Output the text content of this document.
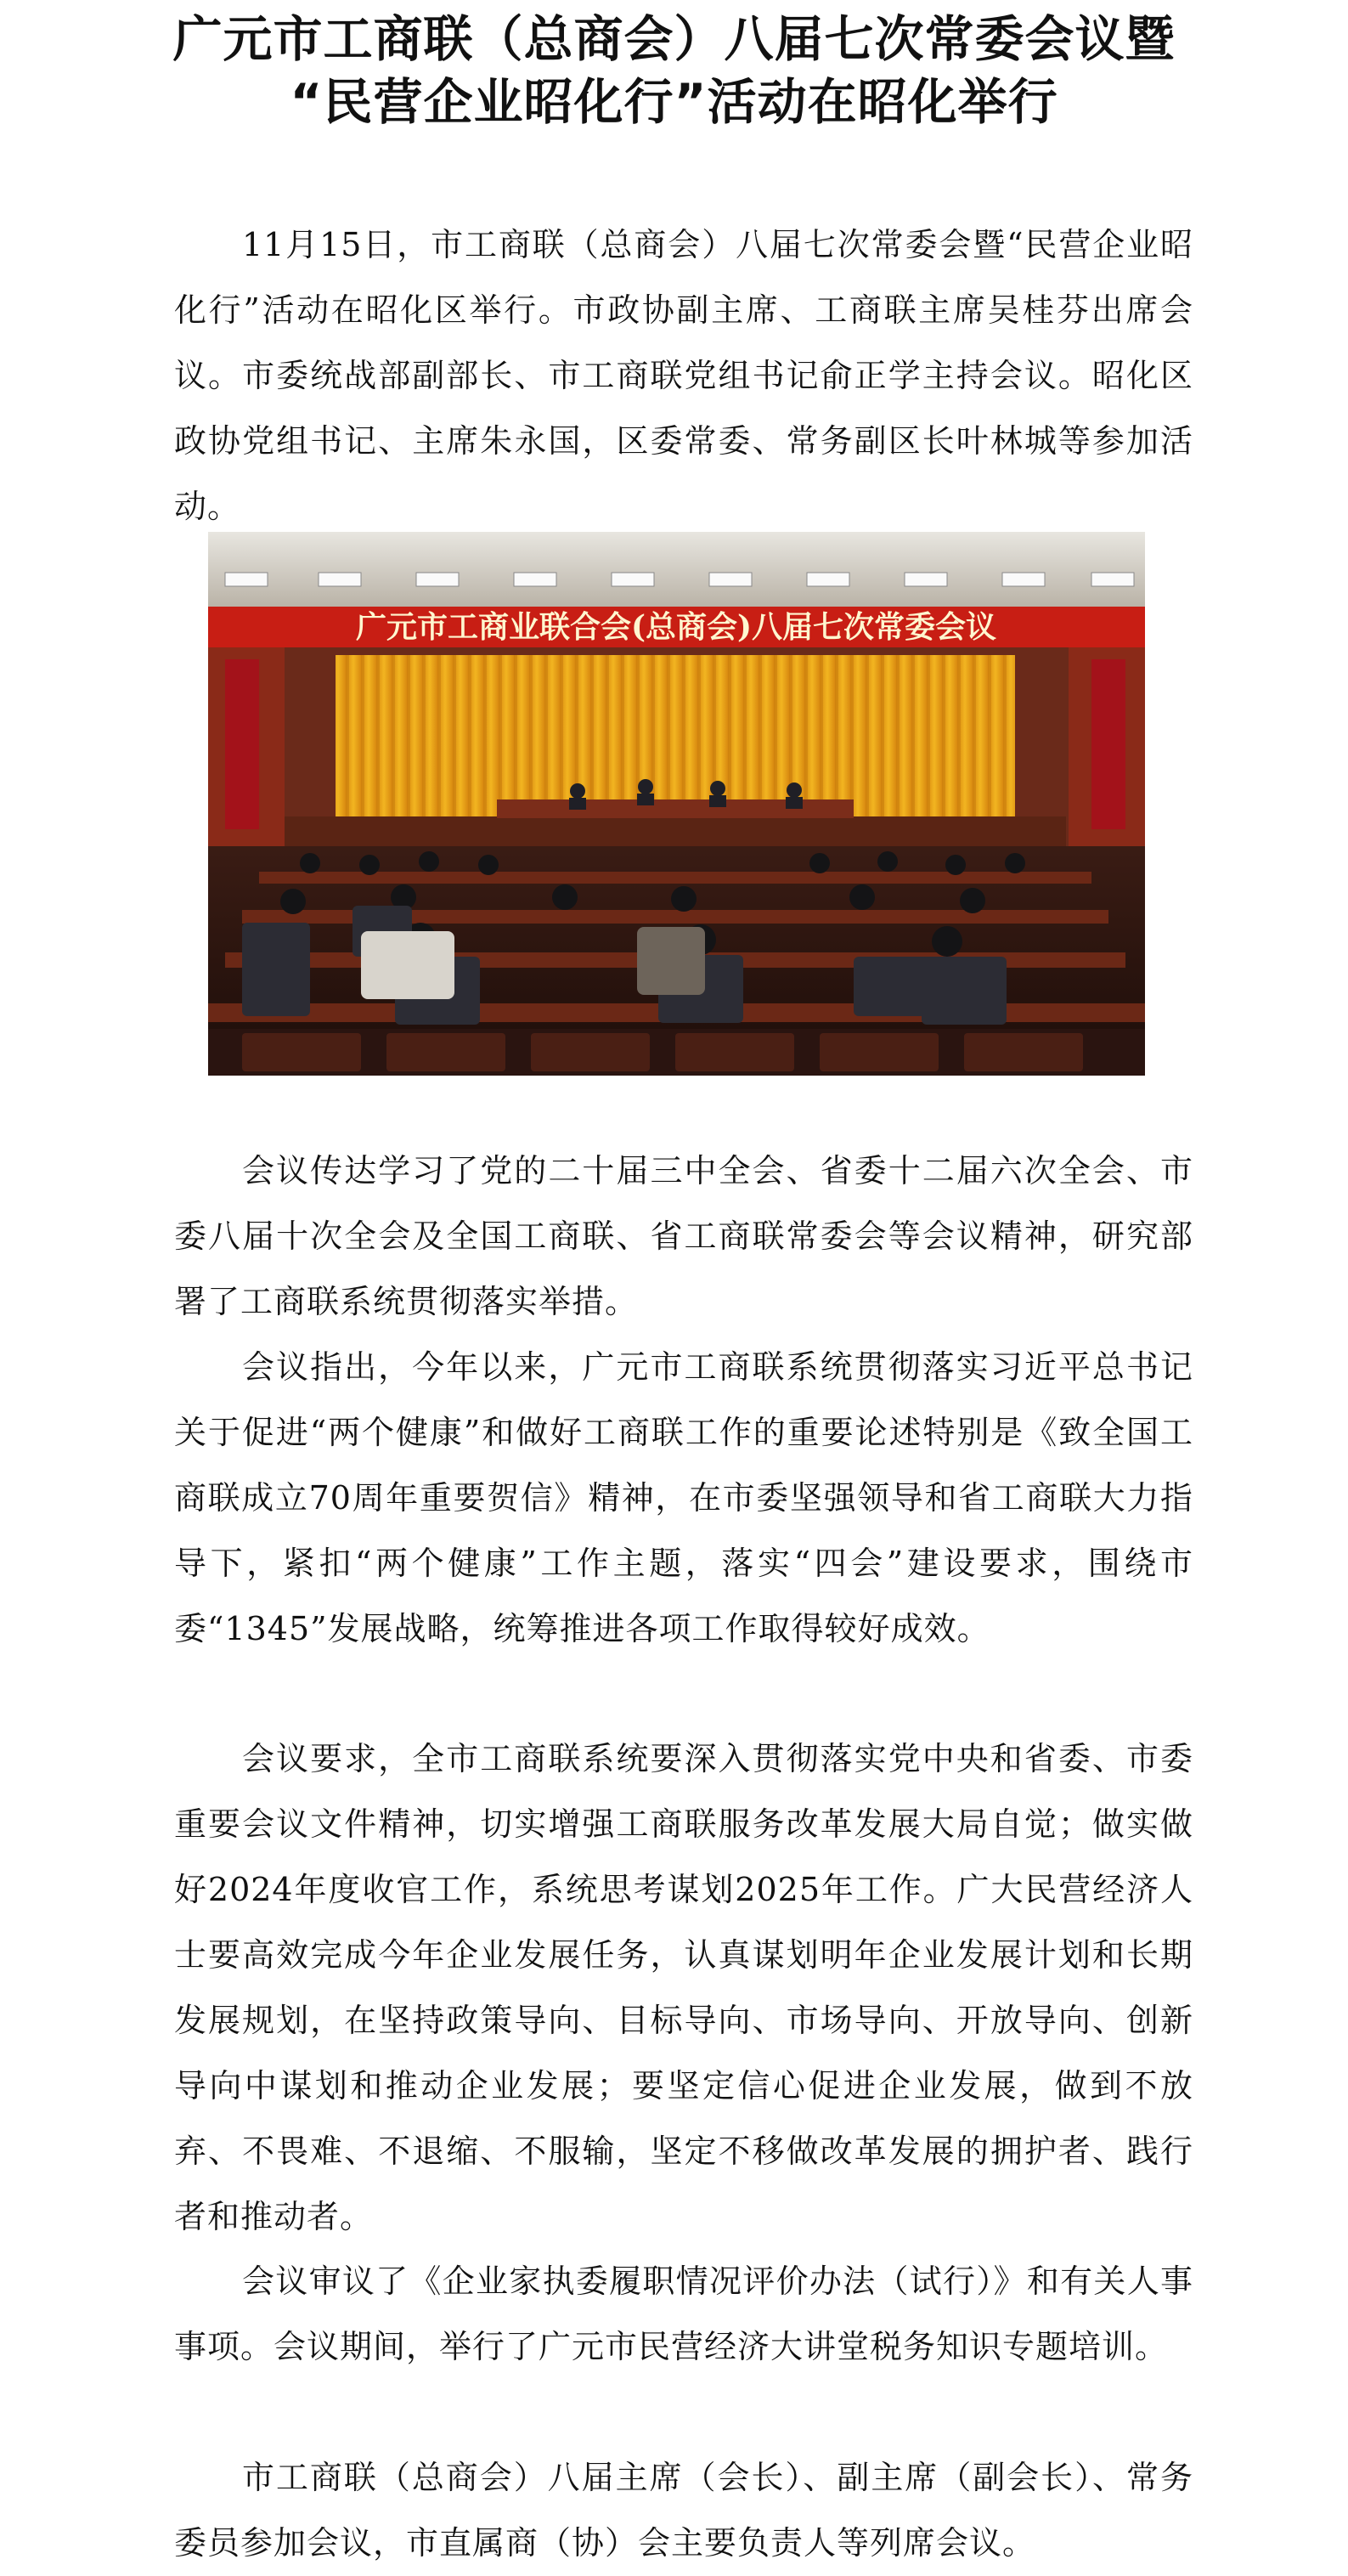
广元市工商联（总商会）八届七次常委会议暨
“民营企业昭化行”活动在昭化举行

11月15日，市工商联（总商会）八届七次常委会暨“民营企业昭化行”活动在昭化区举行。市政协副主席、工商联主席吴桂芬出席会议。市委统战部副部长、市工商联党组书记俞正学主持会议。昭化区政协党组书记、主席朱永国，区委常委、常务副区长叶林城等参加活动。

广元市工商业联合会(总商会)八届七次常委会议

会议传达学习了党的二十届三中全会、省委十二届六次全会、市委八届十次全会及全国工商联、省工商联常委会等会议精神，研究部署了工商联系统贯彻落实举措。

会议指出，今年以来，广元市工商联系统贯彻落实习近平总书记关于促进“两个健康”和做好工商联工作的重要论述特别是《致全国工商联成立70周年重要贺信》精神，在市委坚强领导和省工商联大力指导下，紧扣“两个健康”工作主题，落实“四会”建设要求，围绕市委“1345”发展战略，统筹推进各项工作取得较好成效。

会议要求，全市工商联系统要深入贯彻落实党中央和省委、市委重要会议文件精神，切实增强工商联服务改革发展大局自觉；做实做好2024年度收官工作，系统思考谋划2025年工作。广大民营经济人士要高效完成今年企业发展任务，认真谋划明年企业发展计划和长期发展规划，在坚持政策导向、目标导向、市场导向、开放导向、创新导向中谋划和推动企业发展；要坚定信心促进企业发展，做到不放弃、不畏难、不退缩、不服输，坚定不移做改革发展的拥护者、践行者和推动者。

会议审议了《企业家执委履职情况评价办法（试行）》和有关人事事项。会议期间，举行了广元市民营经济大讲堂税务知识专题培训。

市工商联（总商会）八届主席（会长）、副主席（副会长）、常务委员参加会议，市直属商（协）会主要负责人等列席会议。
